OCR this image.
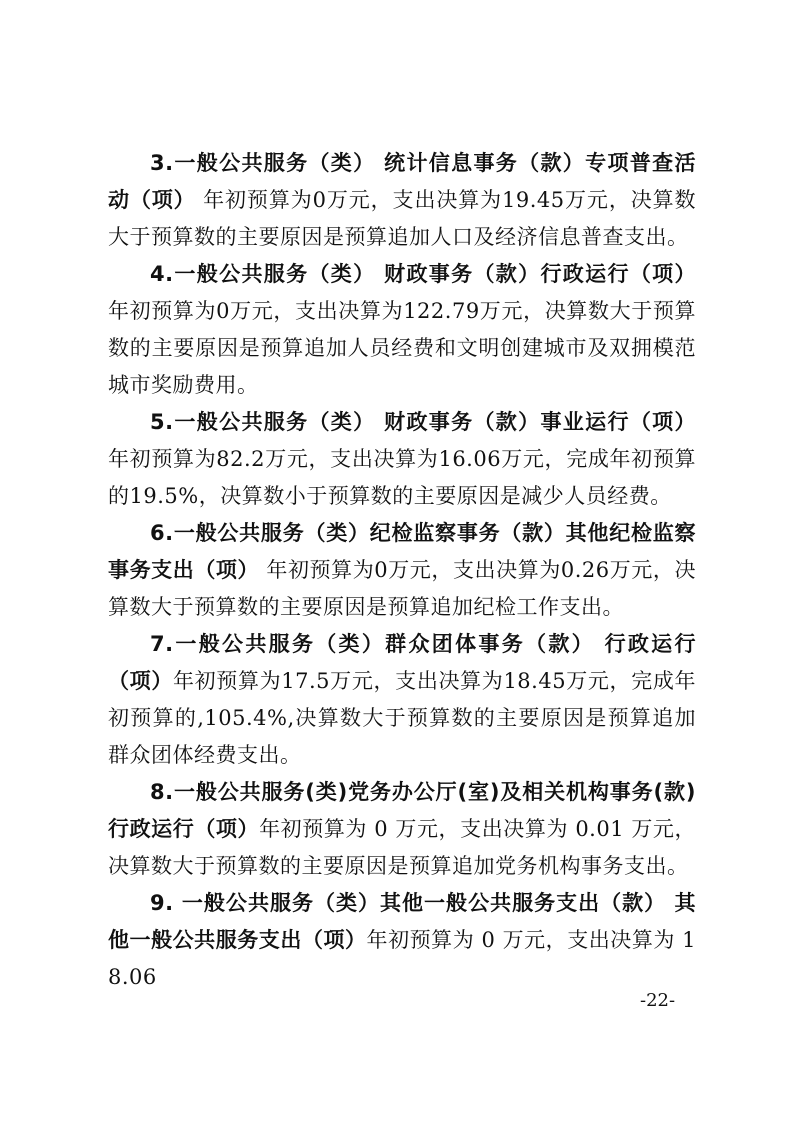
3.一般公共服务（类） 统计信息事务（款）专项普查活动（项） 年初预算为0万元，支出决算为19.45万元，决算数大于预算数的主要原因是预算追加人口及经济信息普查支出。

4.一般公共服务（类） 财政事务（款）行政运行（项） 年初预算为0万元，支出决算为122.79万元，决算数大于预算数的主要原因是预算追加人员经费和文明创建城市及双拥模范城市奖励费用。

5.一般公共服务（类） 财政事务（款）事业运行（项） 年初预算为82.2万元，支出决算为16.06万元，完成年初预算的19.5%，决算数小于预算数的主要原因是减少人员经费。

6.一般公共服务（类）纪检监察事务（款）其他纪检监察事务支出（项） 年初预算为0万元，支出决算为0.26万元，决算数大于预算数的主要原因是预算追加纪检工作支出。

7.一般公共服务（类）群众团体事务（款） 行政运行（项）年初预算为17.5万元，支出决算为18.45万元，完成年初预算的,105.4%,决算数大于预算数的主要原因是预算追加群众团体经费支出。

8.一般公共服务(类)党务办公厅(室)及相关机构事务(款)行政运行（项）年初预算为 0 万元，支出决算为 0.01 万元，决算数大于预算数的主要原因是预算追加党务机构事务支出。

9. 一般公共服务（类）其他一般公共服务支出（款） 其他一般公共服务支出（项）年初预算为 0 万元，支出决算为 18.06

-22-
